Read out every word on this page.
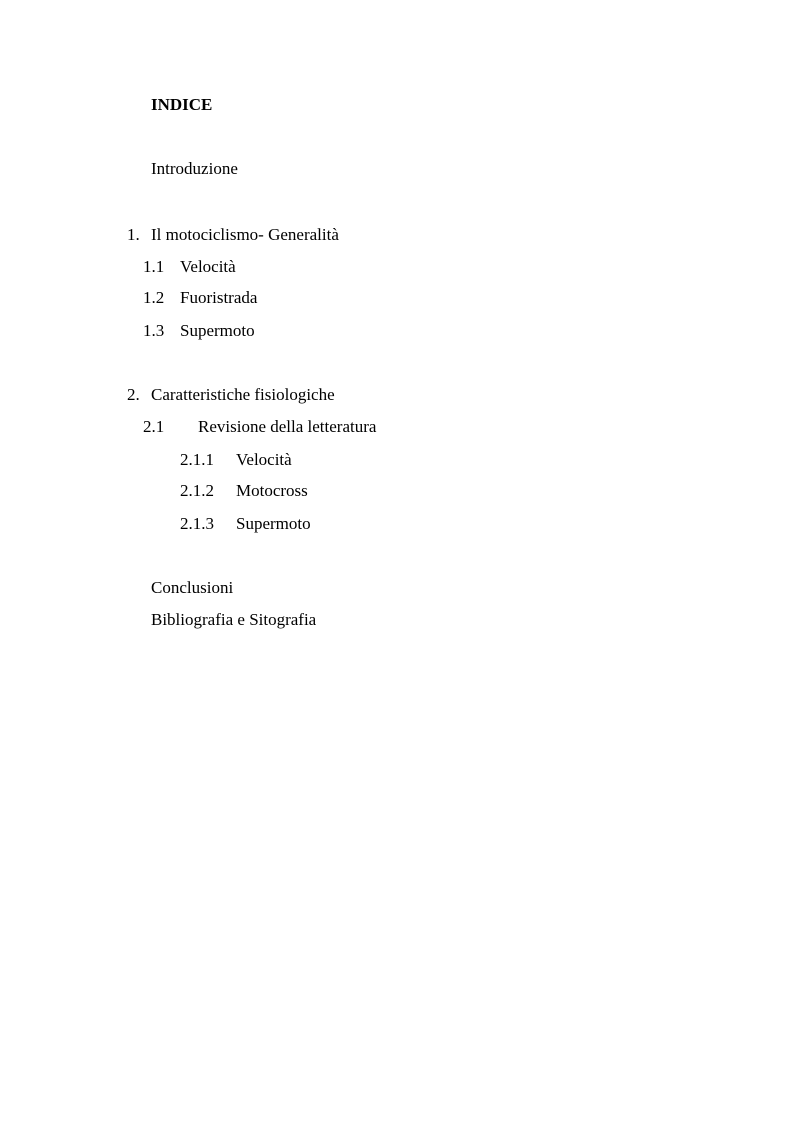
INDICE
Introduzione
1. Il motociclismo- Generalità
1.1 Velocità
1.2 Fuoristrada
1.3 Supermoto
2. Caratteristiche fisiologiche
2.1 Revisione della letteratura
2.1.1 Velocità
2.1.2 Motocross
2.1.3 Supermoto
Conclusioni
Bibliografia e Sitografia
